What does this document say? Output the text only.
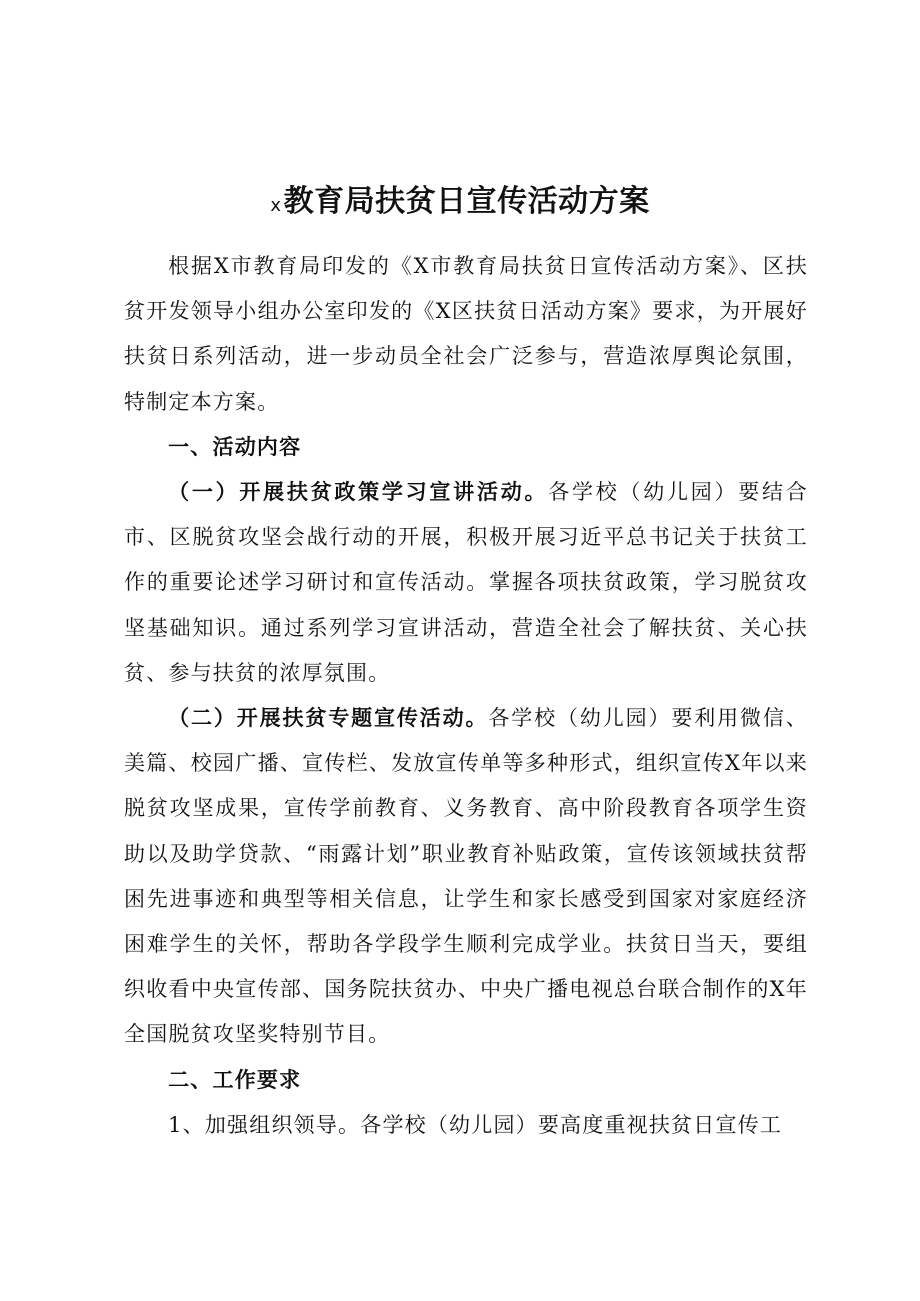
x教育局扶贫日宣传活动方案

根据X市教育局印发的《X市教育局扶贫日宣传活动方案》、区扶贫开发领导小组办公室印发的《X区扶贫日活动方案》要求，为开展好扶贫日系列活动，进一步动员全社会广泛参与，营造浓厚舆论氛围，特制定本方案。

一、活动内容

（一）开展扶贫政策学习宣讲活动。各学校（幼儿园）要结合市、区脱贫攻坚会战行动的开展，积极开展习近平总书记关于扶贫工作的重要论述学习研讨和宣传活动。掌握各项扶贫政策，学习脱贫攻坚基础知识。通过系列学习宣讲活动，营造全社会了解扶贫、关心扶贫、参与扶贫的浓厚氛围。

（二）开展扶贫专题宣传活动。各学校（幼儿园）要利用微信、美篇、校园广播、宣传栏、发放宣传单等多种形式，组织宣传X年以来脱贫攻坚成果，宣传学前教育、义务教育、高中阶段教育各项学生资助以及助学贷款、“雨露计划”职业教育补贴政策，宣传该领域扶贫帮困先进事迹和典型等相关信息，让学生和家长感受到国家对家庭经济困难学生的关怀，帮助各学段学生顺利完成学业。扶贫日当天，要组织收看中央宣传部、国务院扶贫办、中央广播电视总台联合制作的X年全国脱贫攻坚奖特别节目。

二、工作要求

1、加强组织领导。各学校（幼儿园）要高度重视扶贫日宣传工
